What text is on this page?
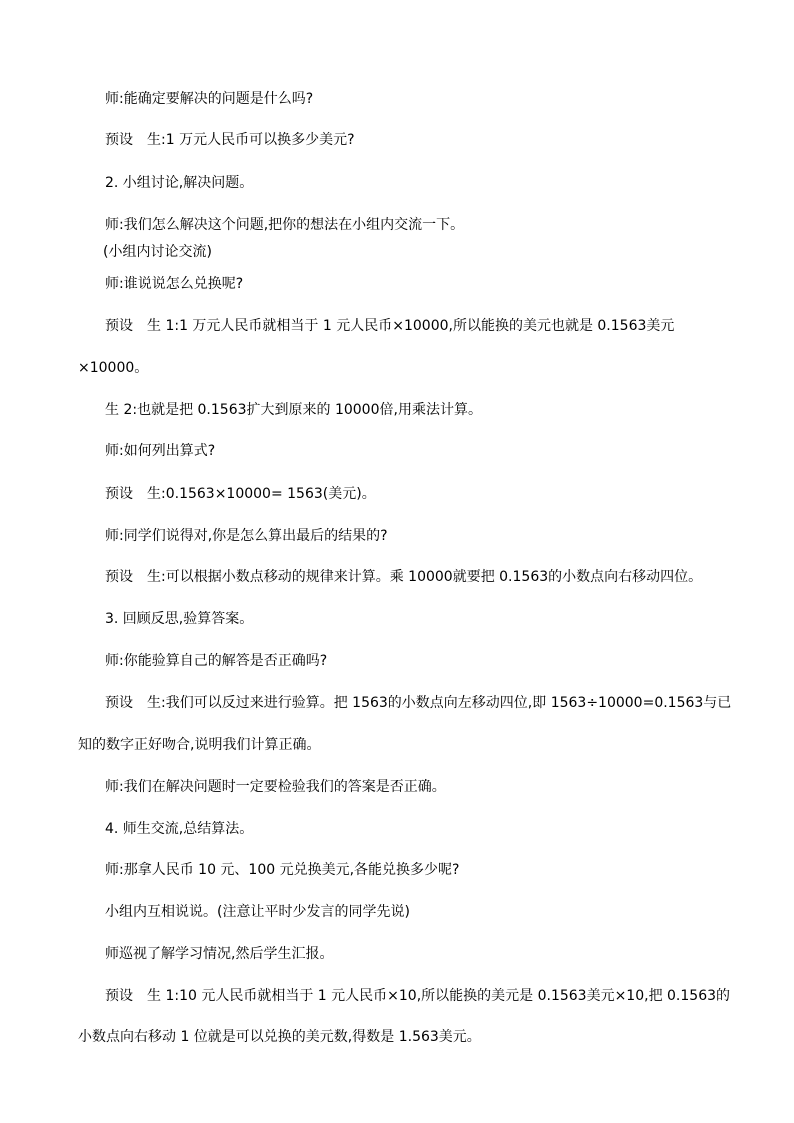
师:能确定要解决的问题是什么吗?
预设　生:1 万元人民币可以换多少美元?
2. 小组讨论,解决问题。
师:我们怎么解决这个问题,把你的想法在小组内交流一下。
(小组内讨论交流)
师:谁说说怎么兑换呢?
预设　生 1:1 万元人民币就相当于 1 元人民币×10000,所以能换的美元也就是 0.1563美元
×10000。
生 2:也就是把 0.1563扩大到原来的 10000倍,用乘法计算。
师:如何列出算式?
预设　生:0.1563×10000= 1563(美元)。
师:同学们说得对,你是怎么算出最后的结果的?
预设　生:可以根据小数点移动的规律来计算。乘 10000就要把 0.1563的小数点向右移动四位。
3. 回顾反思,验算答案。
师:你能验算自己的解答是否正确吗?
预设　生:我们可以反过来进行验算。把 1563的小数点向左移动四位,即 1563÷10000=0.1563与已
知的数字正好吻合,说明我们计算正确。
师:我们在解决问题时一定要检验我们的答案是否正确。
4. 师生交流,总结算法。
师:那拿人民币 10 元、100 元兑换美元,各能兑换多少呢?
小组内互相说说。(注意让平时少发言的同学先说)
师巡视了解学习情况,然后学生汇报。
预设　生 1:10 元人民币就相当于 1 元人民币×10,所以能换的美元是 0.1563美元×10,把 0.1563的
小数点向右移动 1 位就是可以兑换的美元数,得数是 1.563美元。
